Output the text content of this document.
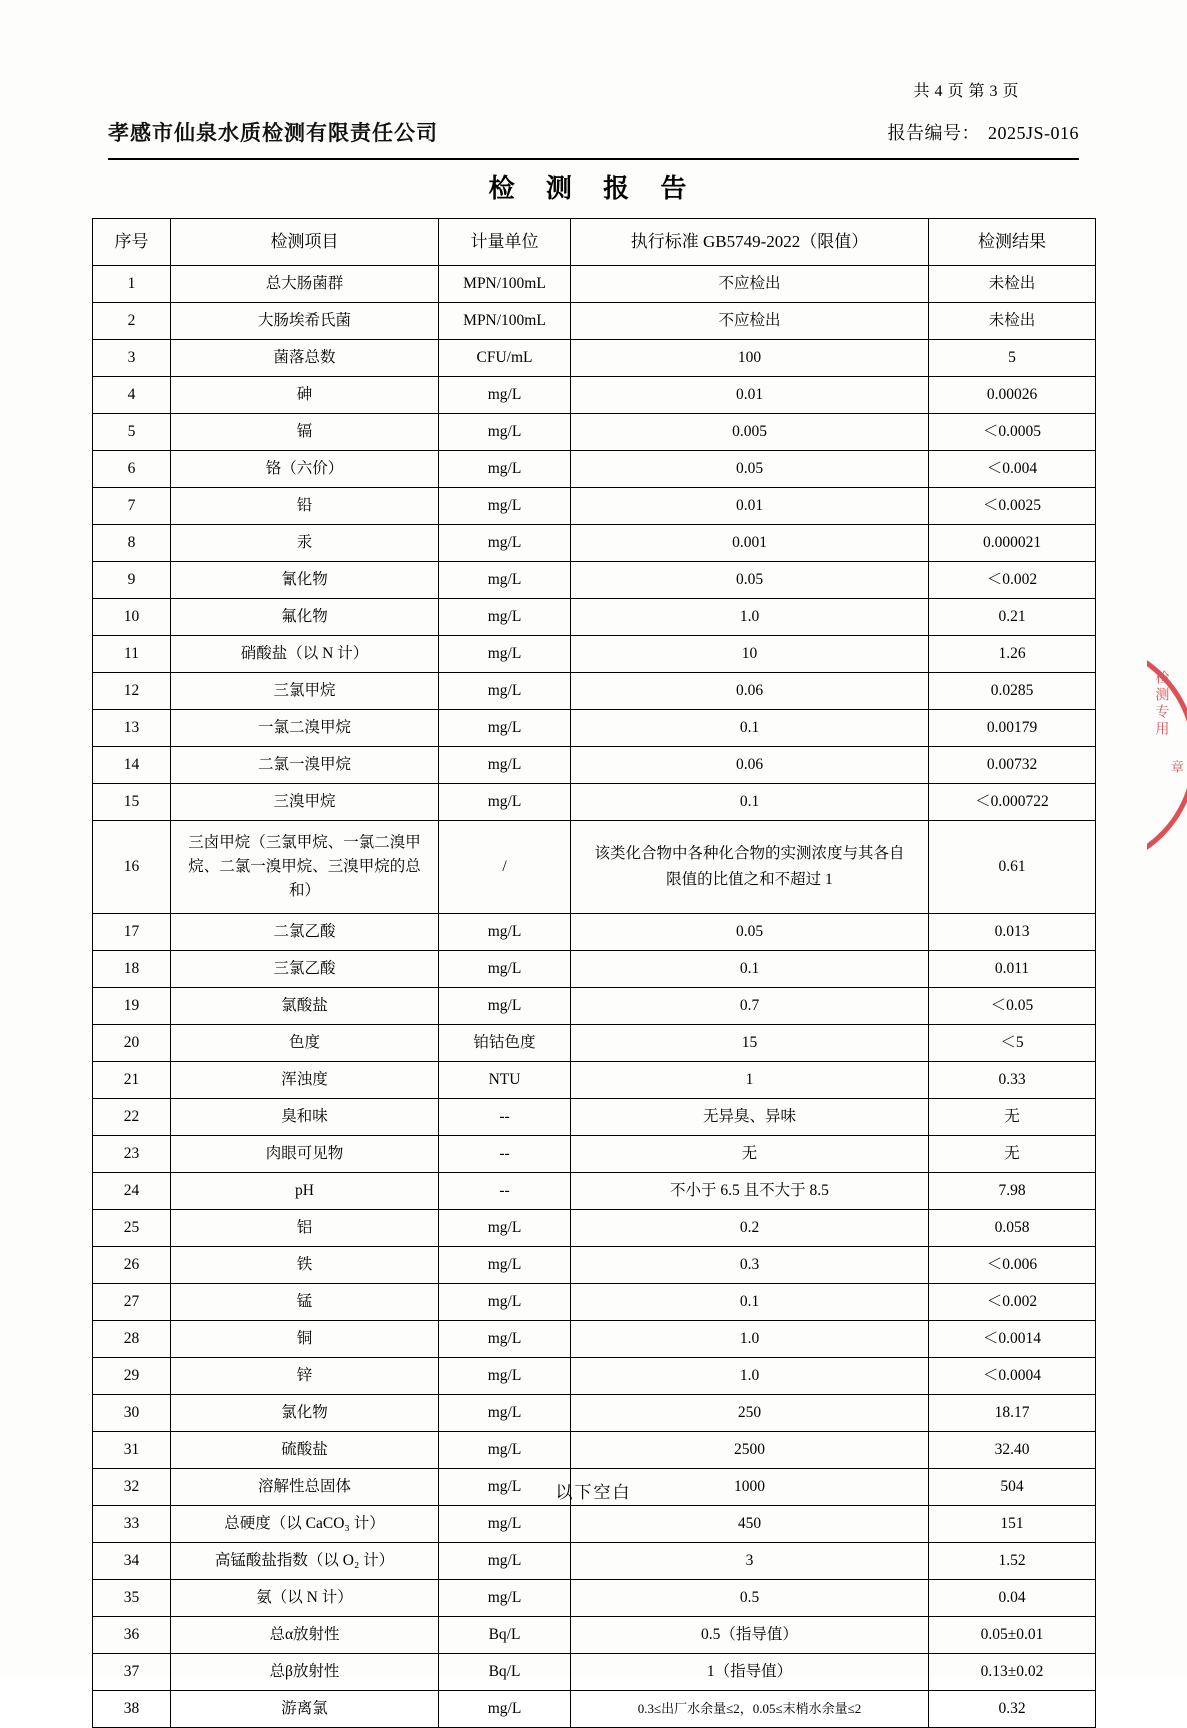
共 4 页 第 3 页
孝感市仙泉水质检测有限责任公司	报告编号： 2025JS-016
检 测 报 告
序号	检测项目	计量单位	执行标准 GB5749-2022（限值）	检测结果
1	总大肠菌群	MPN/100mL	不应检出	未检出
2	大肠埃希氏菌	MPN/100mL	不应检出	未检出
3	菌落总数	CFU/mL	100	5
4	砷	mg/L	0.01	0.00026
5	镉	mg/L	0.005	＜0.0005
6	铬（六价）	mg/L	0.05	＜0.004
7	铅	mg/L	0.01	＜0.0025
8	汞	mg/L	0.001	0.000021
9	氰化物	mg/L	0.05	＜0.002
10	氟化物	mg/L	1.0	0.21
11	硝酸盐（以 N 计）	mg/L	10	1.26
12	三氯甲烷	mg/L	0.06	0.0285
13	一氯二溴甲烷	mg/L	0.1	0.00179
14	二氯一溴甲烷	mg/L	0.06	0.00732
15	三溴甲烷	mg/L	0.1	＜0.000722
16	三卤甲烷（三氯甲烷、一氯二溴甲烷、二氯一溴甲烷、三溴甲烷的总和）	/	该类化合物中各种化合物的实测浓度与其各自限值的比值之和不超过 1	0.61
17	二氯乙酸	mg/L	0.05	0.013
18	三氯乙酸	mg/L	0.1	0.011
19	氯酸盐	mg/L	0.7	＜0.05
20	色度	铂钴色度	15	＜5
21	浑浊度	NTU	1	0.33
22	臭和味	--	无异臭、异味	无
23	肉眼可见物	--	无	无
24	pH	--	不小于 6.5 且不大于 8.5	7.98
25	铝	mg/L	0.2	0.058
26	铁	mg/L	0.3	＜0.006
27	锰	mg/L	0.1	＜0.002
28	铜	mg/L	1.0	＜0.0014
29	锌	mg/L	1.0	＜0.0004
30	氯化物	mg/L	250	18.17
31	硫酸盐	mg/L	2500	32.40
32	溶解性总固体	mg/L	1000	504
33	总硬度（以 CaCO₃ 计）	mg/L	450	151
34	高锰酸盐指数（以 O₂ 计）	mg/L	3	1.52
35	氨（以 N 计）	mg/L	0.5	0.04
36	总α放射性	Bq/L	0.5（指导值）	0.05±0.01
37	总β放射性	Bq/L	1（指导值）	0.13±0.02
38	游离氯	mg/L	0.3≤出厂水余量≤2，0.05≤末梢水余量≤2	0.32
以下空白
检测专用
章
